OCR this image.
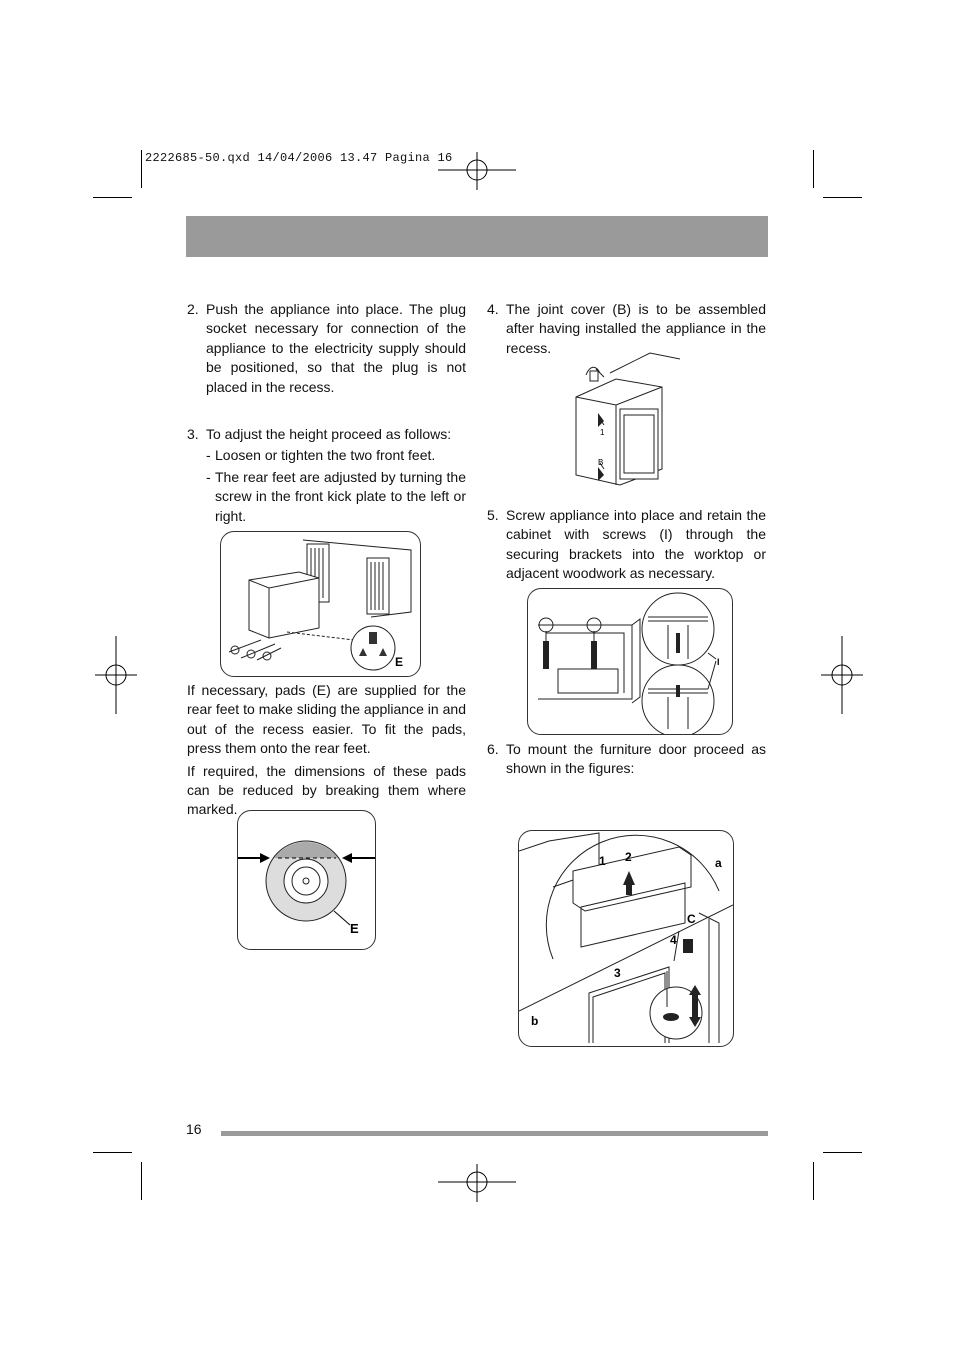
2222685-50.qxd 14/04/2006 13.47 Pagina 16
2. Push the appliance into place. The plug socket necessary for connection of the appliance to the electricity supply should be positioned, so that the plug is not placed in the recess.
3. To adjust the height proceed as follows:
- Loosen or tighten the two front feet.
- The rear feet are adjusted by turning the screw in the front kick plate to the left or right.
E
If necessary, pads (E) are supplied for the rear feet to make sliding the appliance in and out of the recess easier. To fit the pads, press them onto the rear feet.
If required, the dimensions of these pads can be reduced by breaking them where marked.
E
4. The joint cover (B) is to be assembled after having installed the appliance in the recess.
1
B
5. Screw appliance into place and retain the cabinet with screws (I) through the securing brackets into the worktop or adjacent woodwork as necessary.
I
6. To mount the furniture door proceed as shown in the figures:
1 2	a
C
4
3
b
16
